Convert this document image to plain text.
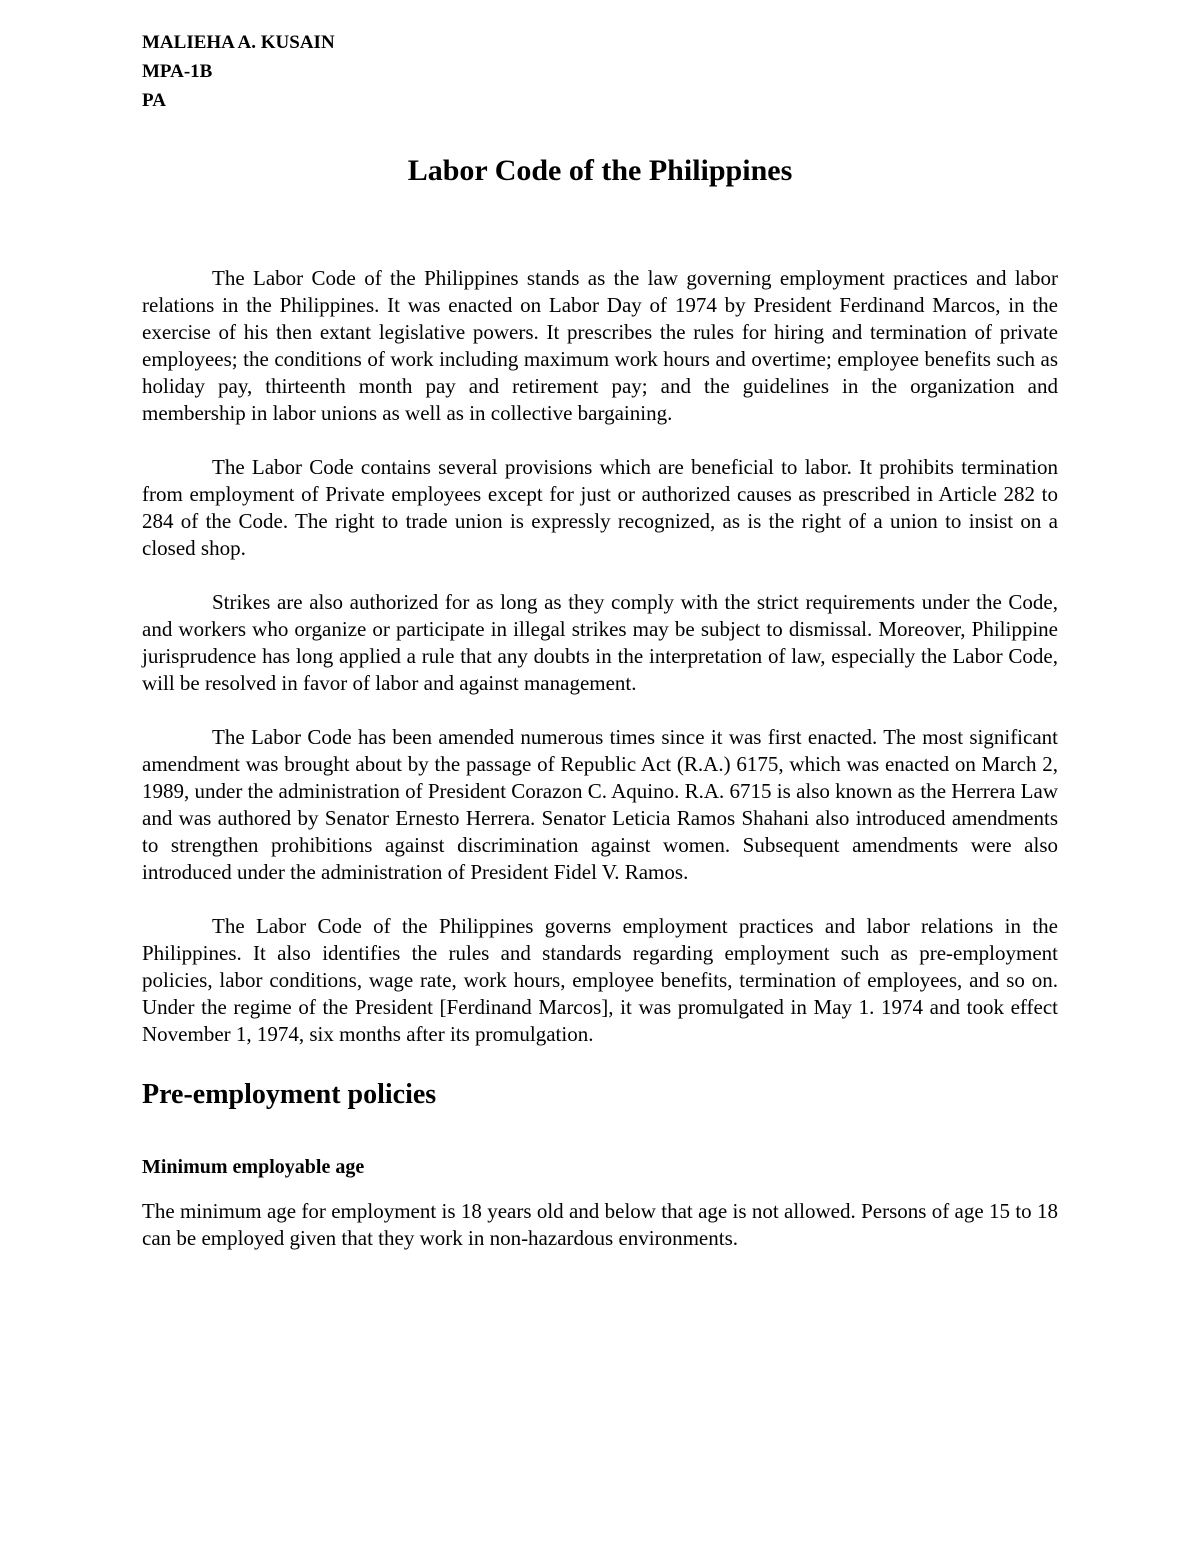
MALIEHA A. KUSAIN
MPA-1B
PA
Labor Code of the Philippines

The Labor Code of the Philippines stands as the law governing employment practices and labor relations in the Philippines. It was enacted on Labor Day of 1974 by President Ferdinand Marcos, in the exercise of his then extant legislative powers. It prescribes the rules for hiring and termination of private employees; the conditions of work including maximum work hours and overtime; employee benefits such as holiday pay, thirteenth month pay and retirement pay; and the guidelines in the organization and membership in labor unions as well as in collective bargaining.

The Labor Code contains several provisions which are beneficial to labor. It prohibits termination from employment of Private employees except for just or authorized causes as prescribed in Article 282 to 284 of the Code. The right to trade union is expressly recognized, as is the right of a union to insist on a closed shop.

Strikes are also authorized for as long as they comply with the strict requirements under the Code, and workers who organize or participate in illegal strikes may be subject to dismissal. Moreover, Philippine jurisprudence has long applied a rule that any doubts in the interpretation of law, especially the Labor Code, will be resolved in favor of labor and against management.

The Labor Code has been amended numerous times since it was first enacted. The most significant amendment was brought about by the passage of Republic Act (R.A.) 6175, which was enacted on March 2, 1989, under the administration of President Corazon C. Aquino. R.A. 6715 is also known as the Herrera Law and was authored by Senator Ernesto Herrera. Senator Leticia Ramos Shahani also introduced amendments to strengthen prohibitions against discrimination against women. Subsequent amendments were also introduced under the administration of President Fidel V. Ramos.

The Labor Code of the Philippines governs employment practices and labor relations in the Philippines. It also identifies the rules and standards regarding employment such as pre-employment policies, labor conditions, wage rate, work hours, employee benefits, termination of employees, and so on. Under the regime of the President [Ferdinand Marcos], it was promulgated in May 1. 1974 and took effect November 1, 1974, six months after its promulgation.

Pre-employment policies
Minimum employable age

The minimum age for employment is 18 years old and below that age is not allowed. Persons of age 15 to 18 can be employed given that they work in non-hazardous environments.
